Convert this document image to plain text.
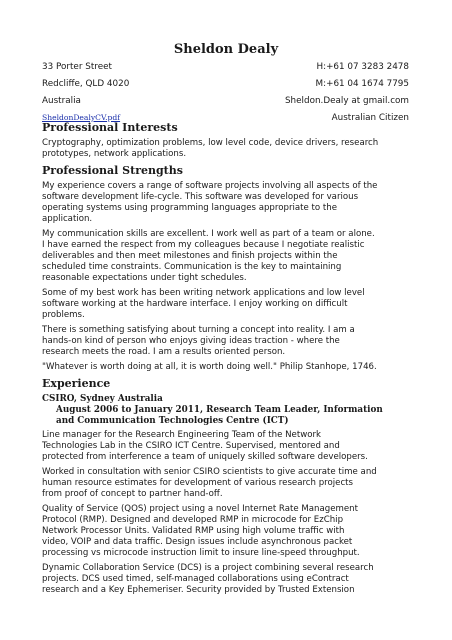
Sheldon Dealy
33 Porter Street	H:+61 07 3283 2478
Redcliffe, QLD 4020	M:+61 04 1674 7795
Australia	Sheldon.Dealy at gmail.com
SheldonDealyCV.pdf	Australian Citizen
Professional Interests
Cryptography, optimization problems, low level code, device drivers, research
prototypes, network applications.
Professional Strengths
My experience covers a range of software projects involving all aspects of the
software development life-cycle. This software was developed for various
operating systems using programming languages appropriate to the
application.
My communication skills are excellent. I work well as part of a team or alone.
I have earned the respect from my colleagues because I negotiate realistic
deliverables and then meet milestones and finish projects within the
scheduled time constraints. Communication is the key to maintaining
reasonable expectations under tight schedules.
Some of my best work has been writing network applications and low level
software working at the hardware interface. I enjoy working on difficult
problems.
There is something satisfying about turning a concept into reality. I am a
hands-on kind of person who enjoys giving ideas traction - where the
research meets the road. I am a results oriented person.
"Whatever is worth doing at all, it is worth doing well." Philip Stanhope, 1746.
Experience
CSIRO, Sydney Australia
August 2006 to January 2011, Research Team Leader, Information
and Communication Technologies Centre (ICT)
Line manager for the Research Engineering Team of the Network
Technologies Lab in the CSIRO ICT Centre. Supervised, mentored and
protected from interference a team of uniquely skilled software developers.
Worked in consultation with senior CSIRO scientists to give accurate time and
human resource estimates for development of various research projects
from proof of concept to partner hand-off.
Quality of Service (QOS) project using a novel Internet Rate Management
Protocol (RMP). Designed and developed RMP in microcode for EzChip
Network Processor Units. Validated RMP using high volume traffic with
video, VOIP and data traffic. Design issues include asynchronous packet
processing vs microcode instruction limit to insure line-speed throughput.
Dynamic Collaboration Service (DCS) is a project combining several research
projects. DCS used timed, self-managed collaborations using eContract
research and a Key Ephemeriser. Security provided by Trusted Extension
